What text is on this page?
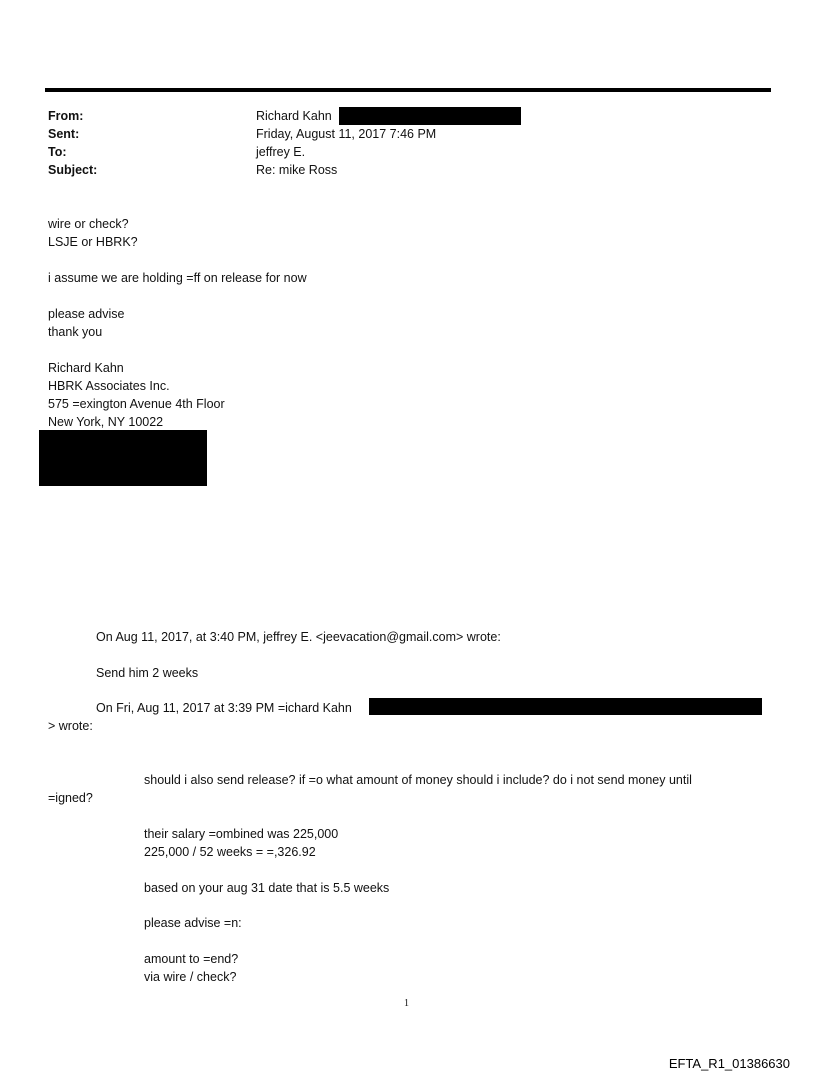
From:	Richard Kahn
Sent:	Friday, August 11, 2017 7:46 PM
To:	jeffrey E.
Subject:	Re: mike Ross
wire or check?
LSJE or HBRK?
i assume we are holding =ff on release for now
please advise
thank you
Richard Kahn
HBRK Associates Inc.
575 =exington Avenue 4th Floor
New York, NY 10022
On Aug 11, 2017, at 3:40 PM, jeffrey E. <jeevacation@gmail.com> wrote:
Send him 2 weeks
On Fri, Aug 11, 2017 at 3:39 PM =ichard Kahn
> wrote:
should i also send release? if =o what amount of money should i include? do i not send money until
=igned?
their salary =ombined was 225,000
225,000 / 52 weeks = =,326.92
based on your aug 31 date that is 5.5 weeks
please advise =n:
amount to =end?
via wire / check?
1
EFTA_R1_01386630
